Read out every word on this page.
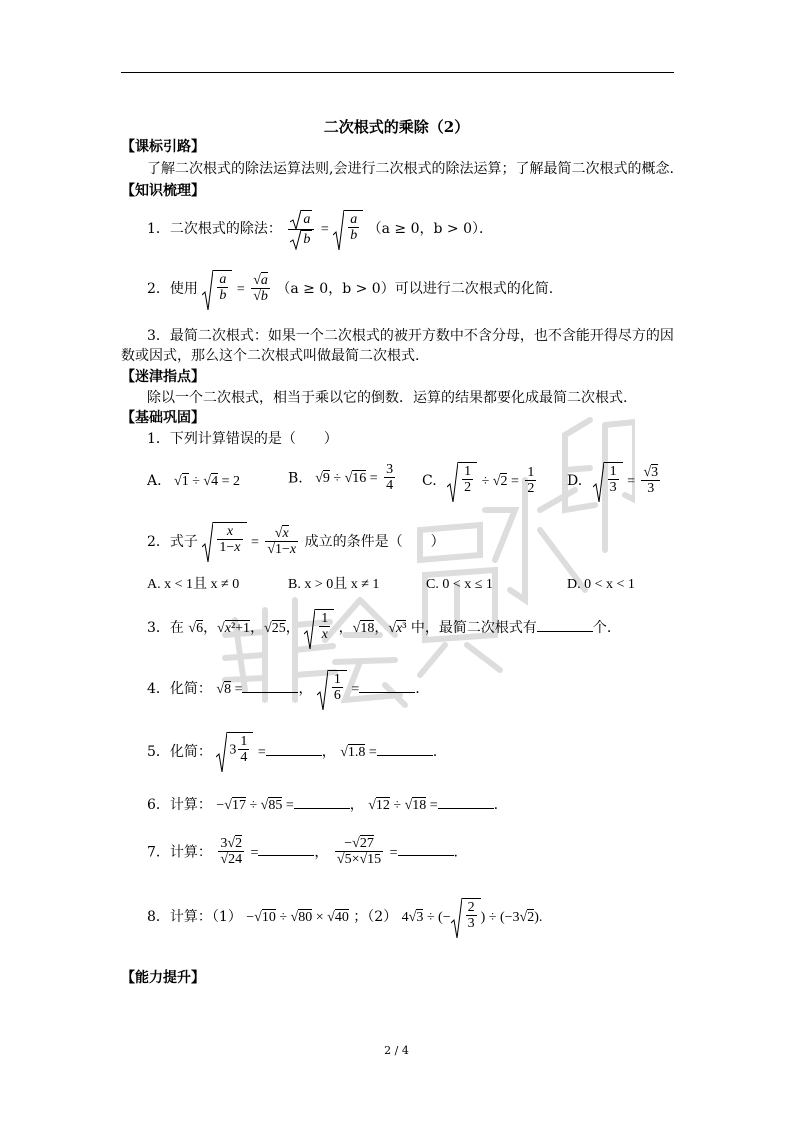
二次根式的乘除（2）
【课标引路】
了解二次根式的除法运算法则,会进行二次根式的除法运算；了解最简二次根式的概念.
【知识梳理】
1．二次根式的除法： $\frac{a}{b} = \frac{a}{b} (a \ge 0$，b > 0）．
2．使用 $\frac{a}{b} = \frac{√a}{√b} (a \ge 0$，b > 0）可以进行二次根式的化简.
3．最简二次根式：如果一个二次根式的被开方数中不含分母，也不含能开得尽方的因
数或因式，那么这个二次根式叫做最简二次根式.
【迷津指点】
除以一个二次根式，相当于乘以它的倒数．运算的结果都要化成最简二次根式.
【基础巩固】
1．下列计算错误的是（　　）
A. √1 ÷ √4 = 2	B. $√9 \div √16 = \frac{3}{4} C$. $\frac{1}{2} \div √2 = \frac{1}{2} D$. $\frac{1}{3} = \frac{√3}{3}$
2．式子 $\frac{x}{1-x} = \frac{√x}{√1-x}$ 成立的条件是（　　）
A. x < 1且 x ≠ 0	B. x > 0且 x ≠ 1	C. 0 < x ≤ 1	D. 0 < x < 1
3．在 √6，√x²+1，√25， $\frac{1}{x}$ ，√18，√x³ 中，最简二次根式有	个.
4．化简： √8 =	， $\frac{1}{6}$ =	.
5．化简： $3 \frac{1}{4}$ =	， √1.8 =	.
6．计算： −√17 ÷ √85 =	， √12 ÷ √18 =	.
7．计算： $\frac{3√2}{√24}$ =	， $\frac{-√27}{√5\times√15}$ =	.
8．计算：（1） −√10 ÷ √80 × √40 ；（2） 4√3 ÷ (− $\frac{2}{3}$ ) ÷ (−3√2).
【能力提升】
2 / 4
